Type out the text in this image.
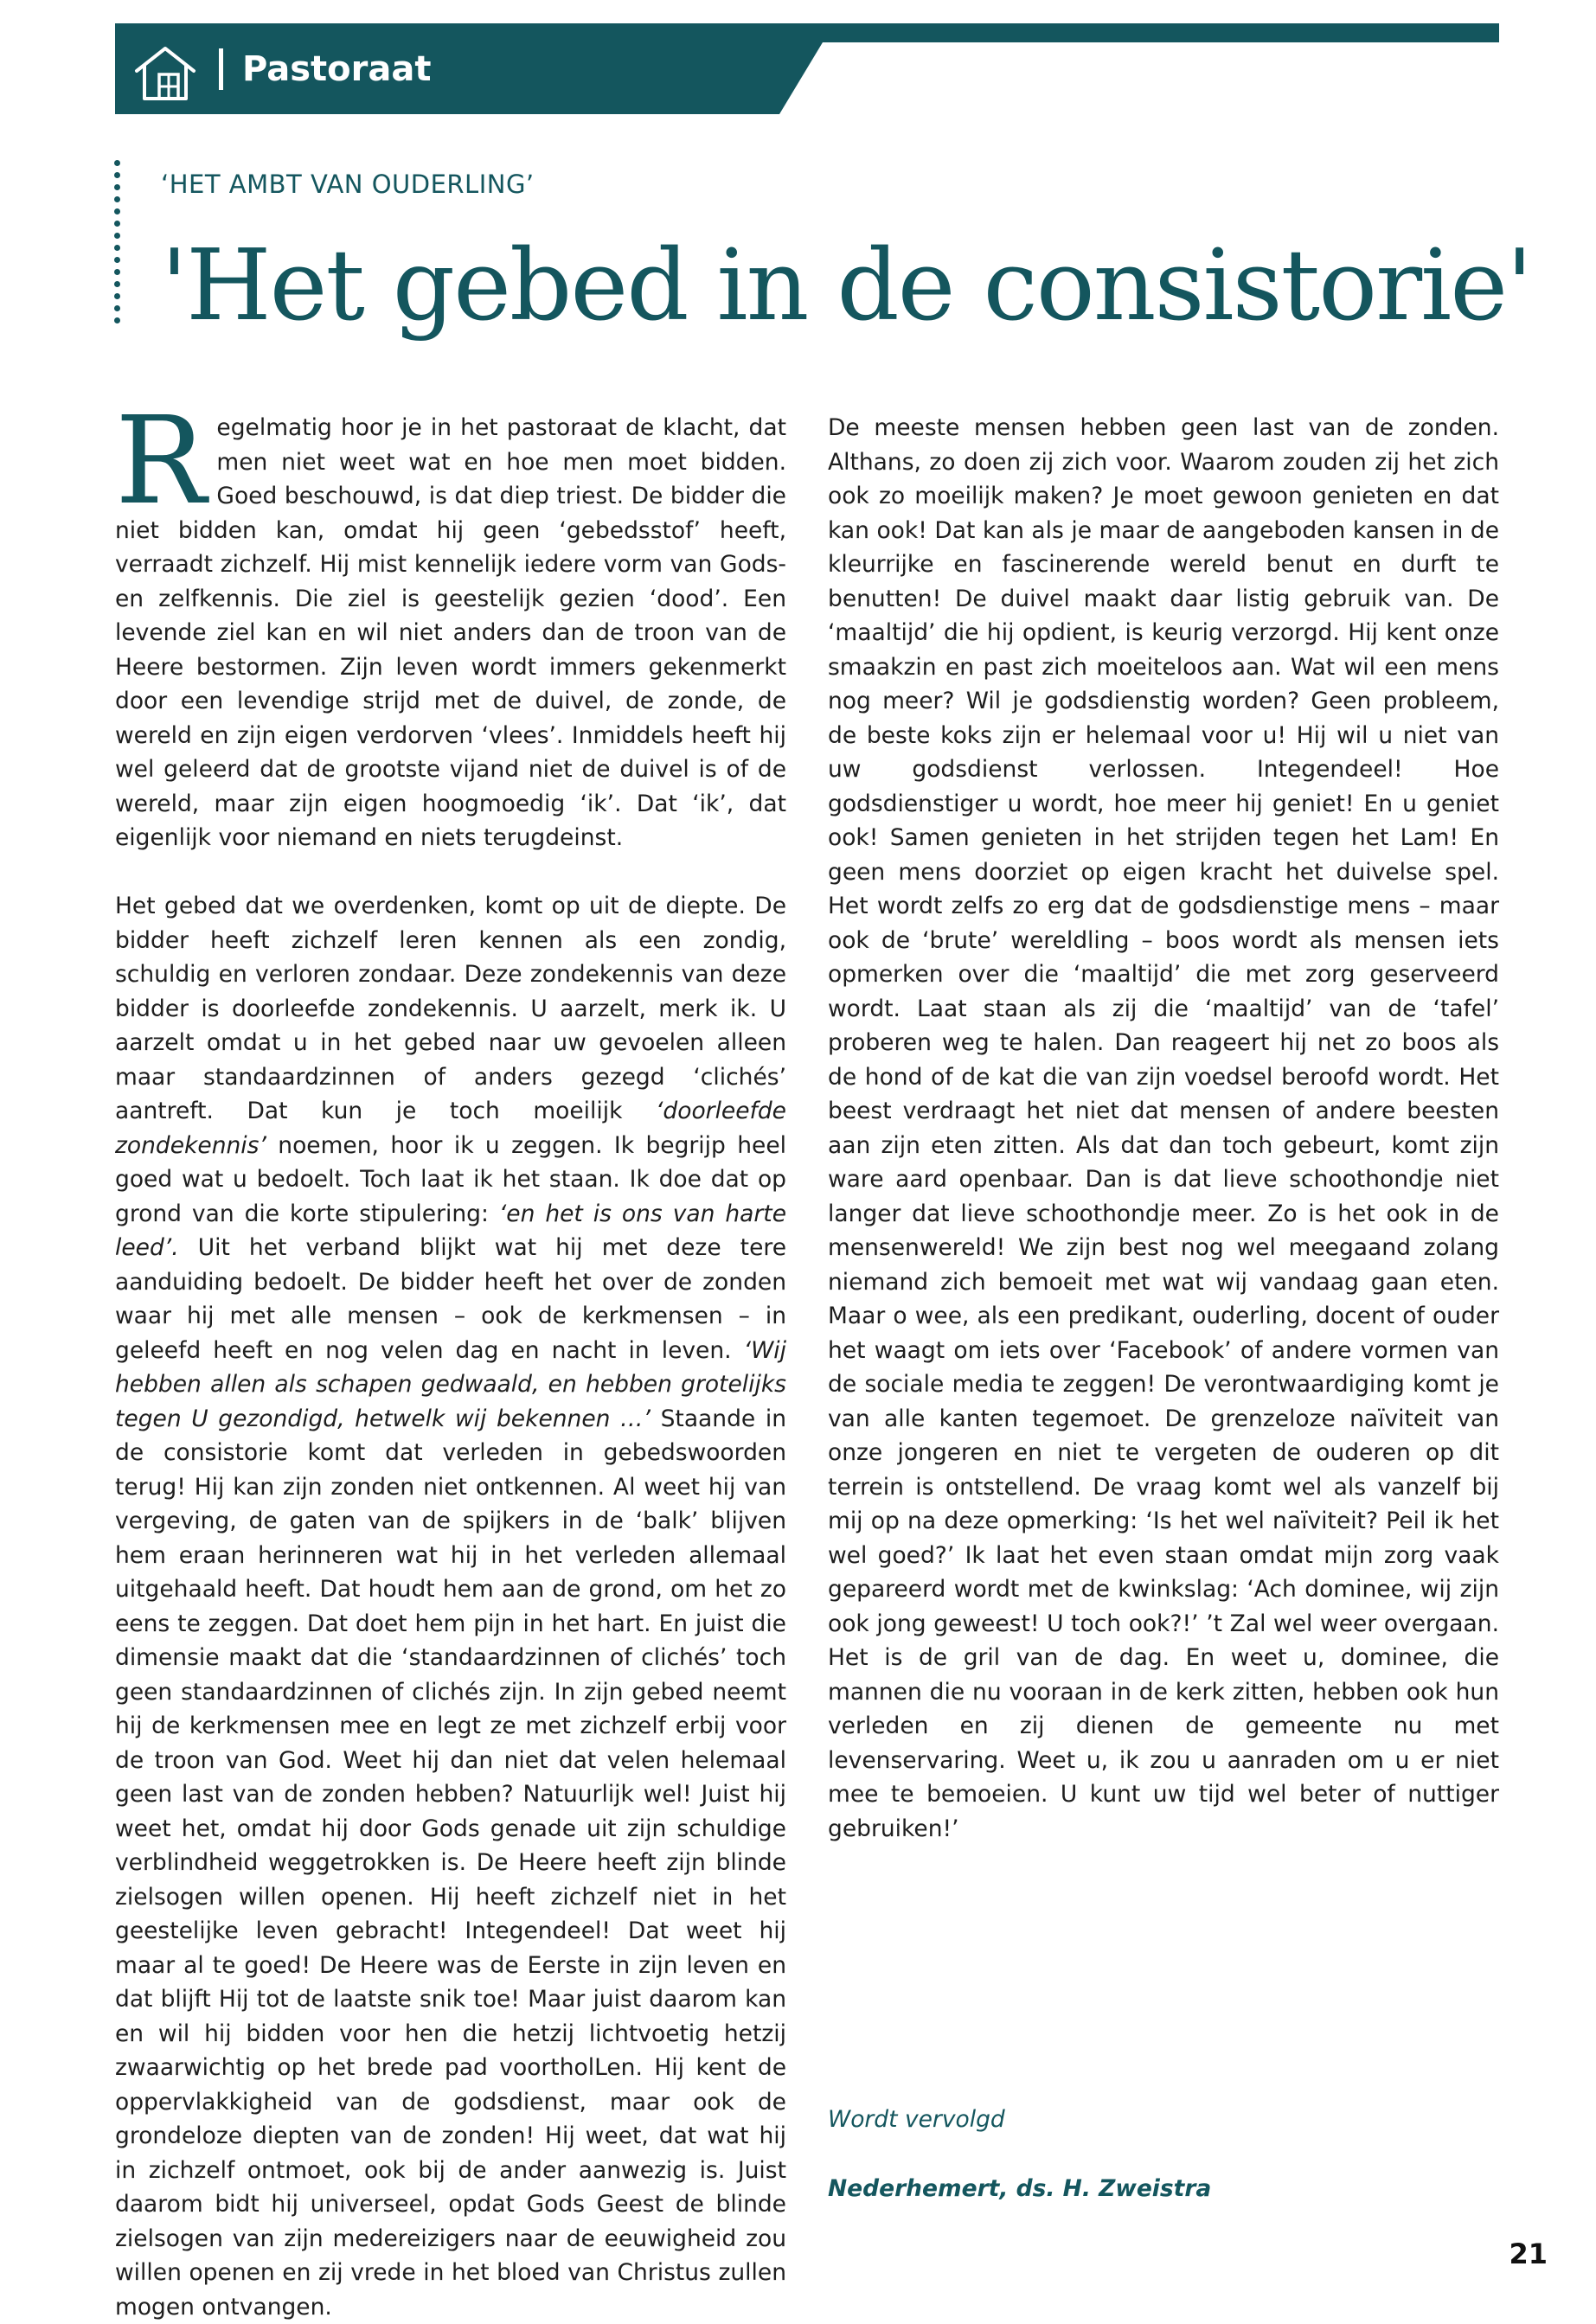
Pastoraat
‘HET AMBT VAN OUDERLING’
'Het gebed in de consistorie'

Regelmatig hoor je in het pastoraat de klacht, dat men niet weet wat en hoe men moet bidden. Goed beschouwd, is dat diep triest. De bidder die niet bidden kan, omdat hij geen ‘gebedsstof’ heeft, verraadt zichzelf. Hij mist kennelijk iedere vorm van Gods- en zelfkennis. Die ziel is geestelijk gezien ‘dood’. Een levende ziel kan en wil niet anders dan de troon van de Heere bestormen. Zijn leven wordt immers gekenmerkt door een levendige strijd met de duivel, de zonde, de wereld en zijn eigen verdorven ‘vlees’. Inmiddels heeft hij wel geleerd dat de grootste vijand niet de duivel is of de wereld, maar zijn eigen hoogmoedig ‘ik’. Dat ‘ik’, dat eigenlijk voor niemand en niets terugdeinst.

Het gebed dat we overdenken, komt op uit de diepte. De bidder heeft zichzelf leren kennen als een zondig, schuldig en verloren zondaar. Deze zondekennis van deze bidder is doorleefde zondekennis. U aarzelt, merk ik. U aarzelt omdat u in het gebed naar uw gevoelen alleen maar standaardzinnen of anders gezegd ‘clichés’ aantreft. Dat kun je toch moeilijk ‘doorleefde zondekennis’ noemen, hoor ik u zeggen. Ik begrijp heel goed wat u bedoelt. Toch laat ik het staan. Ik doe dat op grond van die korte stipulering: ‘en het is ons van harte leed’. Uit het verband blijkt wat hij met deze tere aanduiding bedoelt. De bidder heeft het over de zonden waar hij met alle mensen – ook de kerkmensen – in geleefd heeft en nog velen dag en nacht in leven. ‘Wij hebben allen als schapen gedwaald, en hebben grotelijks tegen U gezondigd, hetwelk wij bekennen …’ Staande in de consistorie komt dat verleden in gebedswoorden terug! Hij kan zijn zonden niet ontkennen. Al weet hij van vergeving, de gaten van de spijkers in de ‘balk’ blijven hem eraan herinneren wat hij in het verleden allemaal uitgehaald heeft. Dat houdt hem aan de grond, om het zo eens te zeggen. Dat doet hem pijn in het hart. En juist die dimensie maakt dat die ‘standaardzinnen of clichés’ toch geen standaardzinnen of clichés zijn. In zijn gebed neemt hij de kerkmensen mee en legt ze met zichzelf erbij voor de troon van God. Weet hij dan niet dat velen helemaal geen last van de zonden hebben? Natuurlijk wel! Juist hij weet het, omdat hij door Gods genade uit zijn schuldige verblindheid weggetrokken is. De Heere heeft zijn blinde zielsogen willen openen. Hij heeft zichzelf niet in het geestelijke leven gebracht! Integendeel! Dat weet hij maar al te goed! De Heere was de Eerste in zijn leven en dat blijft Hij tot de laatste snik toe! Maar juist daarom kan en wil hij bidden voor hen die hetzij lichtvoetig hetzij zwaarwichtig op het brede pad voortholLen. Hij kent de oppervlakkigheid van de godsdienst, maar ook de grondeloze diepten van de zonden! Hij weet, dat wat hij in zichzelf ontmoet, ook bij de ander aanwezig is. Juist daarom bidt hij universeel, opdat Gods Geest de blinde zielsogen van zijn medereizigers naar de eeuwigheid zou willen openen en zij vrede in het bloed van Christus zullen mogen ontvangen.

De meeste mensen hebben geen last van de zonden. Althans, zo doen zij zich voor. Waarom zouden zij het zich ook zo moeilijk maken? Je moet gewoon genieten en dat kan ook! Dat kan als je maar de aangeboden kansen in de kleurrijke en fascinerende wereld benut en durft te benutten! De duivel maakt daar listig gebruik van. De ‘maaltijd’ die hij opdient, is keurig verzorgd. Hij kent onze smaakzin en past zich moeiteloos aan. Wat wil een mens nog meer? Wil je godsdienstig worden? Geen probleem, de beste koks zijn er helemaal voor u! Hij wil u niet van uw godsdienst verlossen. Integendeel! Hoe godsdienstiger u wordt, hoe meer hij geniet! En u geniet ook! Samen genieten in het strijden tegen het Lam! En geen mens doorziet op eigen kracht het duivelse spel. Het wordt zelfs zo erg dat de godsdienstige mens – maar ook de ‘brute’ wereldling – boos wordt als mensen iets opmerken over die ‘maaltijd’ die met zorg geserveerd wordt. Laat staan als zij die ‘maaltijd’ van de ‘tafel’ proberen weg te halen. Dan reageert hij net zo boos als de hond of de kat die van zijn voedsel beroofd wordt. Het beest verdraagt het niet dat mensen of andere beesten aan zijn eten zitten. Als dat dan toch gebeurt, komt zijn ware aard openbaar. Dan is dat lieve schoothondje niet langer dat lieve schoothondje meer. Zo is het ook in de mensenwereld! We zijn best nog wel meegaand zolang niemand zich bemoeit met wat wij vandaag gaan eten. Maar o wee, als een predikant, ouderling, docent of ouder het waagt om iets over ‘Facebook’ of andere vormen van de sociale media te zeggen! De verontwaardiging komt je van alle kanten tegemoet. De grenzeloze naïviteit van onze jongeren en niet te vergeten de ouderen op dit terrein is ontstellend. De vraag komt wel als vanzelf bij mij op na deze opmerking: ‘Is het wel naïviteit? Peil ik het wel goed?’ Ik laat het even staan omdat mijn zorg vaak gepareerd wordt met de kwinkslag: ‘Ach dominee, wij zijn ook jong geweest! U toch ook?!’ ’t Zal wel weer overgaan. Het is de gril van de dag. En weet u, dominee, die mannen die nu vooraan in de kerk zitten, hebben ook hun verleden en zij dienen de gemeente nu met levenservaring. Weet u, ik zou u aanraden om u er niet mee te bemoeien. U kunt uw tijd wel beter of nuttiger gebruiken!’

Wordt vervolgd
Nederhemert, ds. H. Zweistra
21
